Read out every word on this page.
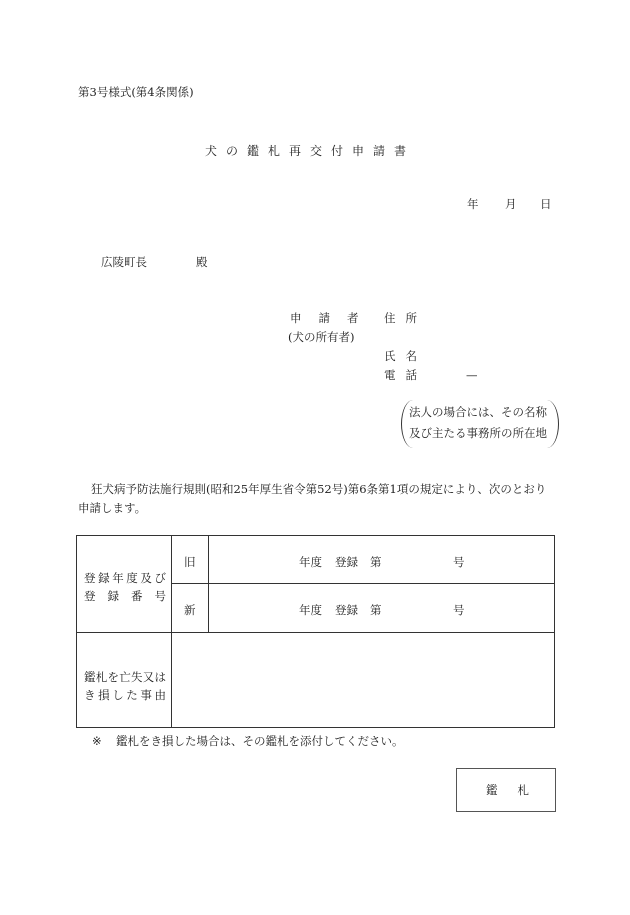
第3号様式(第4条関係)
犬の鑑札再交付申請書
年 月 日
広陵町長	殿
申請者
(犬の所有者)
住所
氏名
電話	—
法人の場合には、その名称
及び主たる事務所の所在地
狂犬病予防法施行規則(昭和25年厚生省令第52号)第6条第1項の規定により、次のとおり
申請します。
登録年度及び
登録番号
旧	年度 登録 第	号
新	年度 登録 第	号
鑑札を亡失又は
き損した事由
※ 鑑札をき損した場合は、その鑑札を添付してください。
鑑札
